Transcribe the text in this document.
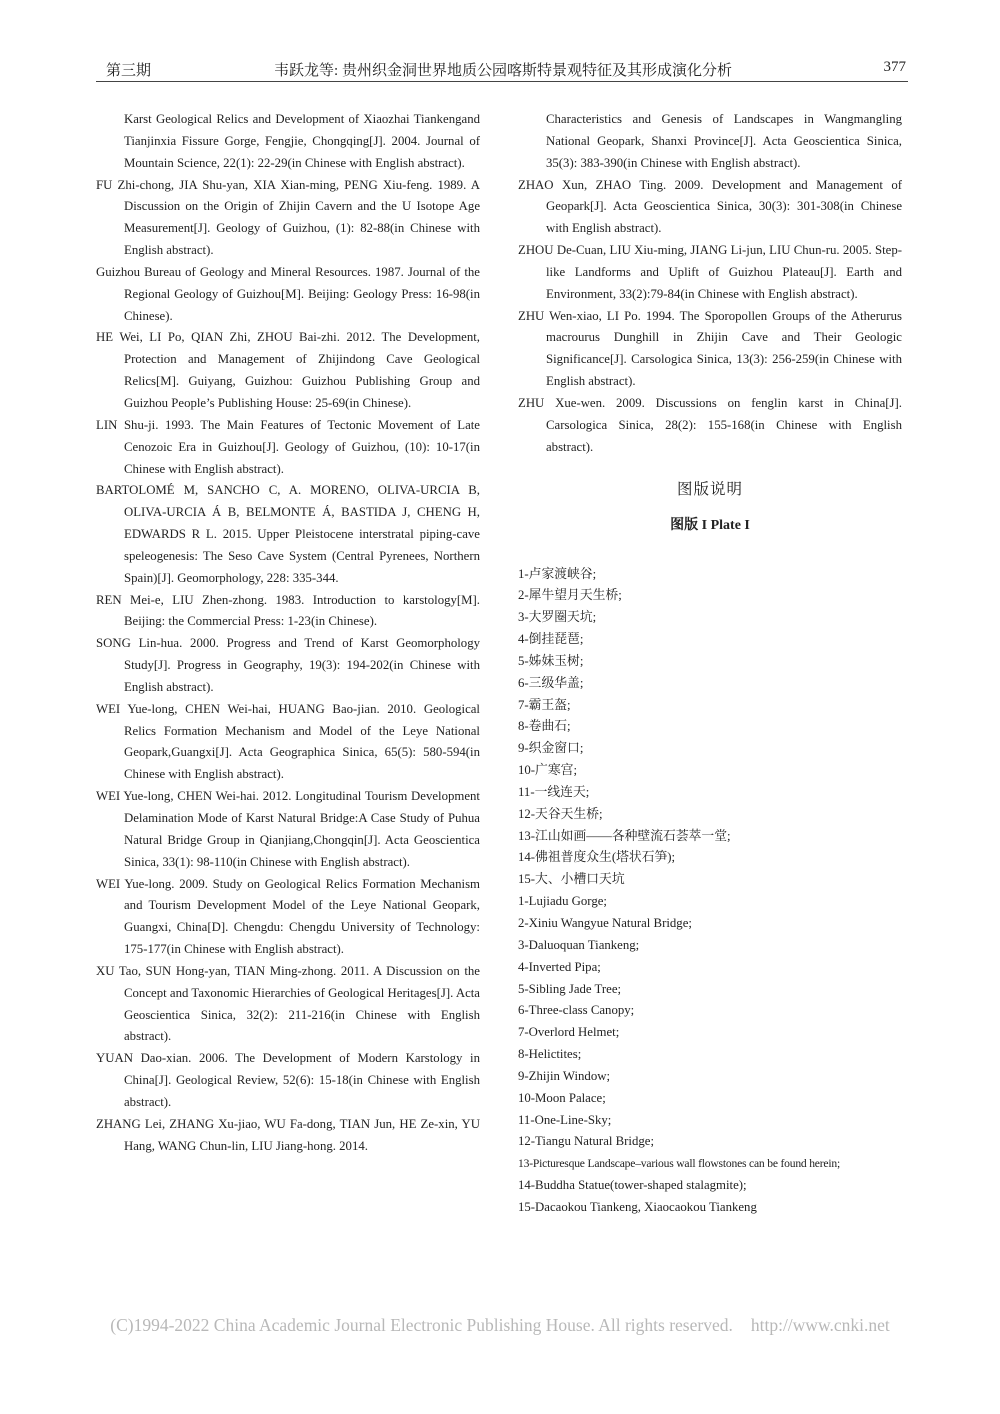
第三期	韦跃龙等: 贵州织金洞世界地质公园喀斯特景观特征及其形成演化分析	377

Karst Geological Relics and Development of Xiaozhai Tiankengand Tianjinxia Fissure Gorge, Fengjie, Chongqing[J]. 2004. Journal of Mountain Science, 22(1): 22-29(in Chinese with English abstract).

FU Zhi-chong, JIA Shu-yan, XIA Xian-ming, PENG Xiu-feng. 1989. A Discussion on the Origin of Zhijin Cavern and the U Isotope Age Measurement[J]. Geology of Guizhou, (1): 82-88(in Chinese with English abstract).

Guizhou Bureau of Geology and Mineral Resources. 1987. Journal of the Regional Geology of Guizhou[M]. Beijing: Geology Press: 16-98(in Chinese).

HE Wei, LI Po, QIAN Zhi, ZHOU Bai-zhi. 2012. The Development, Protection and Management of Zhijindong Cave Geological Relics[M]. Guiyang, Guizhou: Guizhou Publishing Group and Guizhou People’s Publishing House: 25-69(in Chinese).

LIN Shu-ji. 1993. The Main Features of Tectonic Movement of Late Cenozoic Era in Guizhou[J]. Geology of Guizhou, (10): 10-17(in Chinese with English abstract).

BARTOLOMÉ M, SANCHO C, A. MORENO, OLIVA-URCIA B, OLIVA-URCIA Á B, BELMONTE Á, BASTIDA J, CHENG H, EDWARDS R L. 2015. Upper Pleistocene interstratal piping-cave speleogenesis: The Seso Cave System (Central Pyrenees, Northern Spain)[J]. Geomorphology, 228: 335-344.

REN Mei-e, LIU Zhen-zhong. 1983. Introduction to karstology[M]. Beijing: the Commercial Press: 1-23(in Chinese).

SONG Lin-hua. 2000. Progress and Trend of Karst Geomorphology Study[J]. Progress in Geography, 19(3): 194-202(in Chinese with English abstract).

WEI Yue-long, CHEN Wei-hai, HUANG Bao-jian. 2010. Geological Relics Formation Mechanism and Model of the Leye National Geopark,Guangxi[J]. Acta Geographica Sinica, 65(5): 580-594(in Chinese with English abstract).

WEI Yue-long, CHEN Wei-hai. 2012. Longitudinal Tourism Development Delamination Mode of Karst Natural Bridge:A Case Study of Puhua Natural Bridge Group in Qianjiang,Chongqin[J]. Acta Geoscientica Sinica, 33(1): 98-110(in Chinese with English abstract).

WEI Yue-long. 2009. Study on Geological Relics Formation Mechanism and Tourism Development Model of the Leye National Geopark, Guangxi, China[D]. Chengdu: Chengdu University of Technology: 175-177(in Chinese with English abstract).

XU Tao, SUN Hong-yan, TIAN Ming-zhong. 2011. A Discussion on the Concept and Taxonomic Hierarchies of Geological Heritages[J]. Acta Geoscientica Sinica, 32(2): 211-216(in Chinese with English abstract).

YUAN Dao-xian. 2006. The Development of Modern Karstology in China[J]. Geological Review, 52(6): 15-18(in Chinese with English abstract).

ZHANG Lei, ZHANG Xu-jiao, WU Fa-dong, TIAN Jun, HE Ze-xin, YU Hang, WANG Chun-lin, LIU Jiang-hong. 2014.

Characteristics and Genesis of Landscapes in Wangmangling National Geopark, Shanxi Province[J]. Acta Geoscientica Sinica, 35(3): 383-390(in Chinese with English abstract).

ZHAO Xun, ZHAO Ting. 2009. Development and Management of Geopark[J]. Acta Geoscientica Sinica, 30(3): 301-308(in Chinese with English abstract).

ZHOU De-Cuan, LIU Xiu-ming, JIANG Li-jun, LIU Chun-ru. 2005. Step-like Landforms and Uplift of Guizhou Plateau[J]. Earth and Environment, 33(2):79-84(in Chinese with English abstract).

ZHU Wen-xiao, LI Po. 1994. The Sporopollen Groups of the Atherurus macrourus Dunghill in Zhijin Cave and Their Geologic Significance[J]. Carsologica Sinica, 13(3): 256-259(in Chinese with English abstract).

ZHU Xue-wen. 2009. Discussions on fenglin karst in China[J]. Carsologica Sinica, 28(2): 155-168(in Chinese with English abstract).

图版说明
图版 I Plate I

1-卢家渡峡谷;

2-犀牛望月天生桥;

3-大罗圈天坑;

4-倒挂琵琶;

5-姊妹玉树;

6-三级华盖;

7-霸王盔;

8-卷曲石;

9-织金窗口;

10-广寒宫;

11-一线连天;

12-天谷天生桥;

13-江山如画——各种壁流石荟萃一堂;

14-佛祖普度众生(塔状石笋);

15-大、小槽口天坑

1-Lujiadu Gorge;

2-Xiniu Wangyue Natural Bridge;

3-Daluoquan Tiankeng;

4-Inverted Pipa;

5-Sibling Jade Tree;

6-Three-class Canopy;

7-Overlord Helmet;

8-Helictites;

9-Zhijin Window;

10-Moon Palace;

11-One-Line-Sky;

12-Tiangu Natural Bridge;

13-Picturesque Landscape–various wall flowstones can be found herein;

14-Buddha Statue(tower-shaped stalagmite);

15-Dacaokou Tiankeng, Xiaocaokou Tiankeng

(C)1994-2022 China Academic Journal Electronic Publishing House. All rights reserved. http://www.cnki.net
